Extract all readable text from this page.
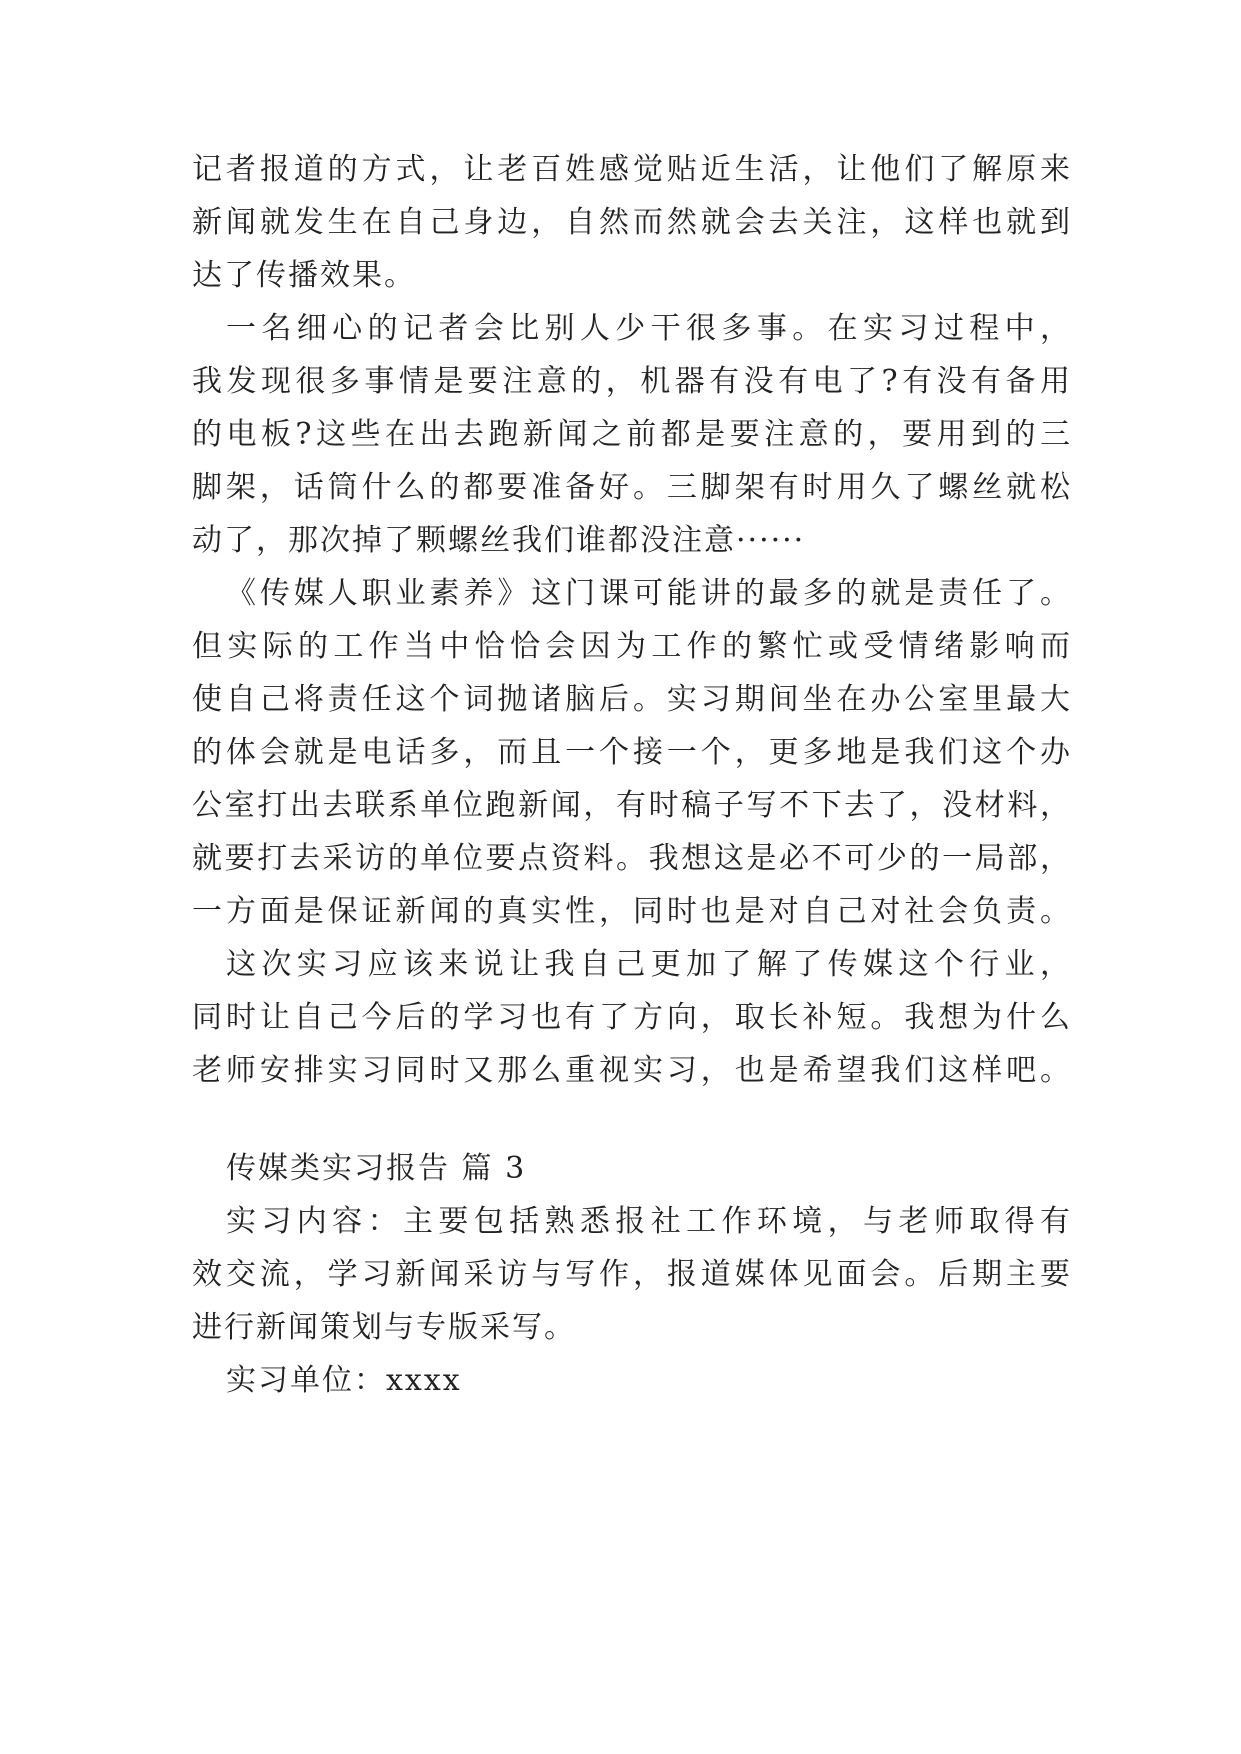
记者报道的方式，让老百姓感觉贴近生活，让他们了解原来
新闻就发生在自己身边，自然而然就会去关注，这样也就到
达了传播效果。
一名细心的记者会比别人少干很多事。在实习过程中，
我发现很多事情是要注意的，机器有没有电了?有没有备用
的电板?这些在出去跑新闻之前都是要注意的，要用到的三
脚架，话筒什么的都要准备好。三脚架有时用久了螺丝就松
动了，那次掉了颗螺丝我们谁都没注意······
《传媒人职业素养》这门课可能讲的最多的就是责任了。
但实际的工作当中恰恰会因为工作的繁忙或受情绪影响而
使自己将责任这个词抛诸脑后。实习期间坐在办公室里最大
的体会就是电话多，而且一个接一个，更多地是我们这个办
公室打出去联系单位跑新闻，有时稿子写不下去了，没材料，
就要打去采访的单位要点资料。我想这是必不可少的一局部，
一方面是保证新闻的真实性，同时也是对自己对社会负责。
这次实习应该来说让我自己更加了解了传媒这个行业，
同时让自己今后的学习也有了方向，取长补短。我想为什么
老师安排实习同时又那么重视实习，也是希望我们这样吧。
传媒类实习报告 篇 3
实习内容：主要包括熟悉报社工作环境，与老师取得有
效交流，学习新闻采访与写作，报道媒体见面会。后期主要
进行新闻策划与专版采写。
实习单位：xxxx
